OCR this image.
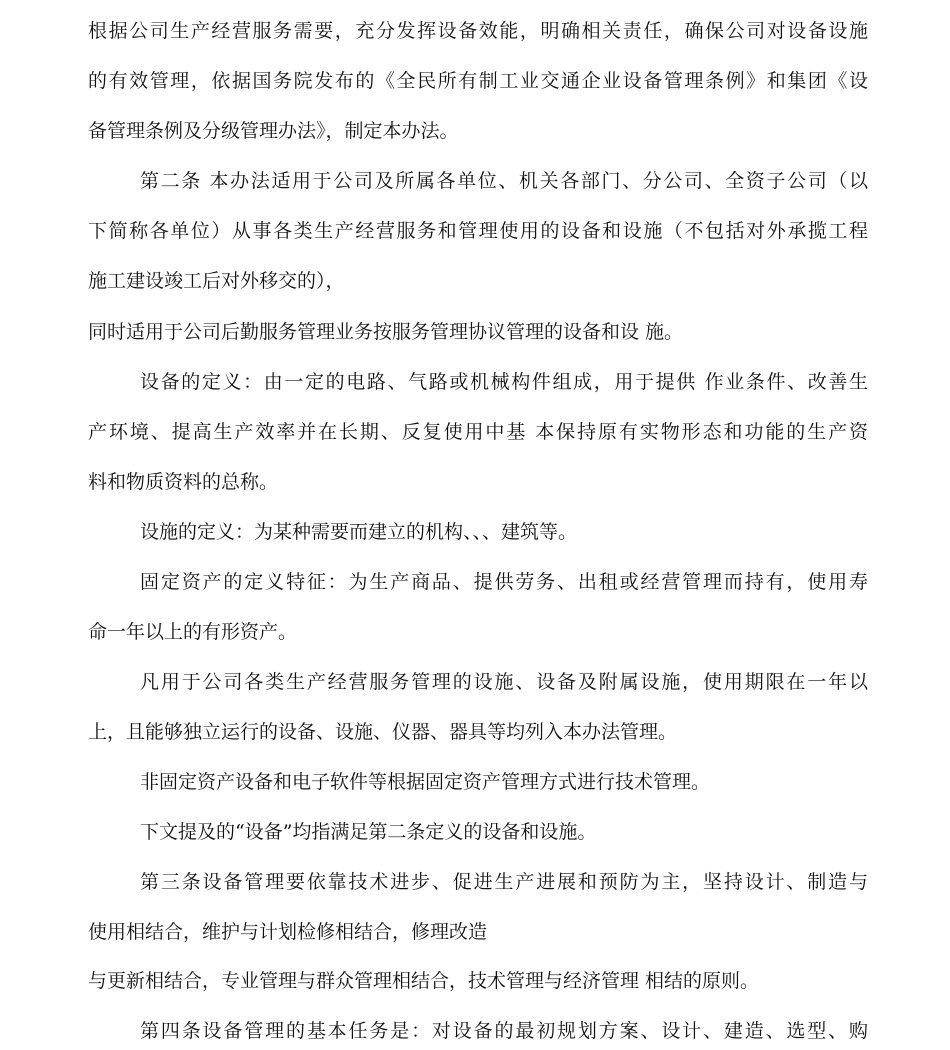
根据公司生产经营服务需要，充分发挥设备效能，明确相关责任，确保公司对设备设施
的有效管理，依据国务院发布的《全民所有制工业交通企业设备管理条例》和集团《设
备管理条例及分级管理办法》，制定本办法。
第二条 本办法适用于公司及所属各单位、机关各部门、分公司、全资子公司（以
下简称各单位）从事各类生产经营服务和管理使用的设备和设施（不包括对外承揽工程
施工建设竣工后对外移交的），
同时适用于公司后勤服务管理业务按服务管理协议管理的设备和设 施。
设备的定义：由一定的电路、气路或机械构件组成，用于提供 作业条件、改善生
产环境、提高生产效率并在长期、反复使用中基 本保持原有实物形态和功能的生产资
料和物质资料的总称。
设施的定义：为某种需要而建立的机构、、、建筑等。
固定资产的定义特征：为生产商品、提供劳务、出租或经营管理而持有，使用寿
命一年以上的有形资产。
凡用于公司各类生产经营服务管理的设施、设备及附属设施，使用期限在一年以
上，且能够独立运行的设备、设施、仪器、器具等均列入本办法管理。
非固定资产设备和电子软件等根据固定资产管理方式进行技术管理。
下文提及的“设备”均指满足第二条定义的设备和设施。
第三条设备管理要依靠技术进步、促进生产进展和预防为主，坚持设计、制造与
使用相结合，维护与计划检修相结合，修理改造
与更新相结合，专业管理与群众管理相结合，技术管理与经济管理 相结的原则。
第四条设备管理的基本任务是：对设备的最初规划方案、设计、建造、选型、购
